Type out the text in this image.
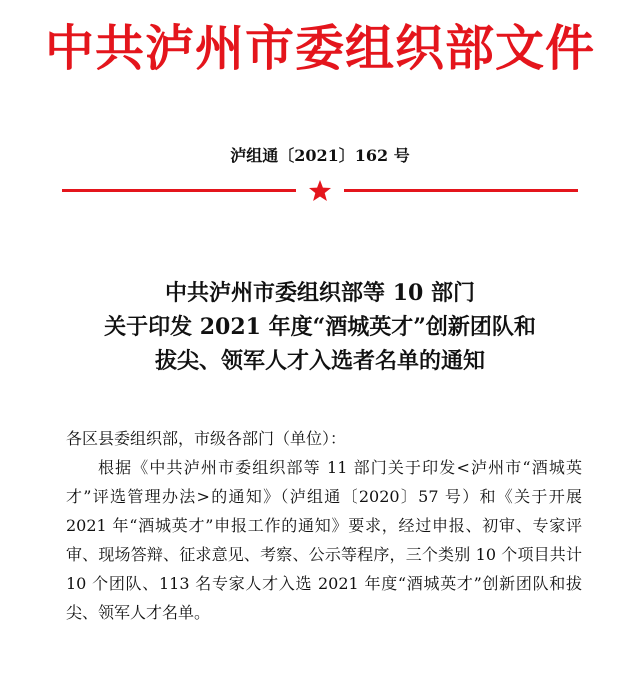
中共泸州市委组织部文件
泸组通〔2021〕162 号
中共泸州市委组织部等 10 部门
关于印发 2021 年度“酒城英才”创新团队和
拔尖、领军人才入选者名单的通知
各区县委组织部，市级各部门（单位）：
根据《中共泸州市委组织部等 11 部门关于印发<泸州市“酒城英才”评选管理办法>的通知》（泸组通〔2020〕57 号）和《关于开展 2021 年“酒城英才”申报工作的通知》要求，经过申报、初审、专家评审、现场答辩、征求意见、考察、公示等程序，三个类别 10 个项目共计 10 个团队、113 名专家人才入选 2021 年度“酒城英才”创新团队和拔尖、领军人才名单。
